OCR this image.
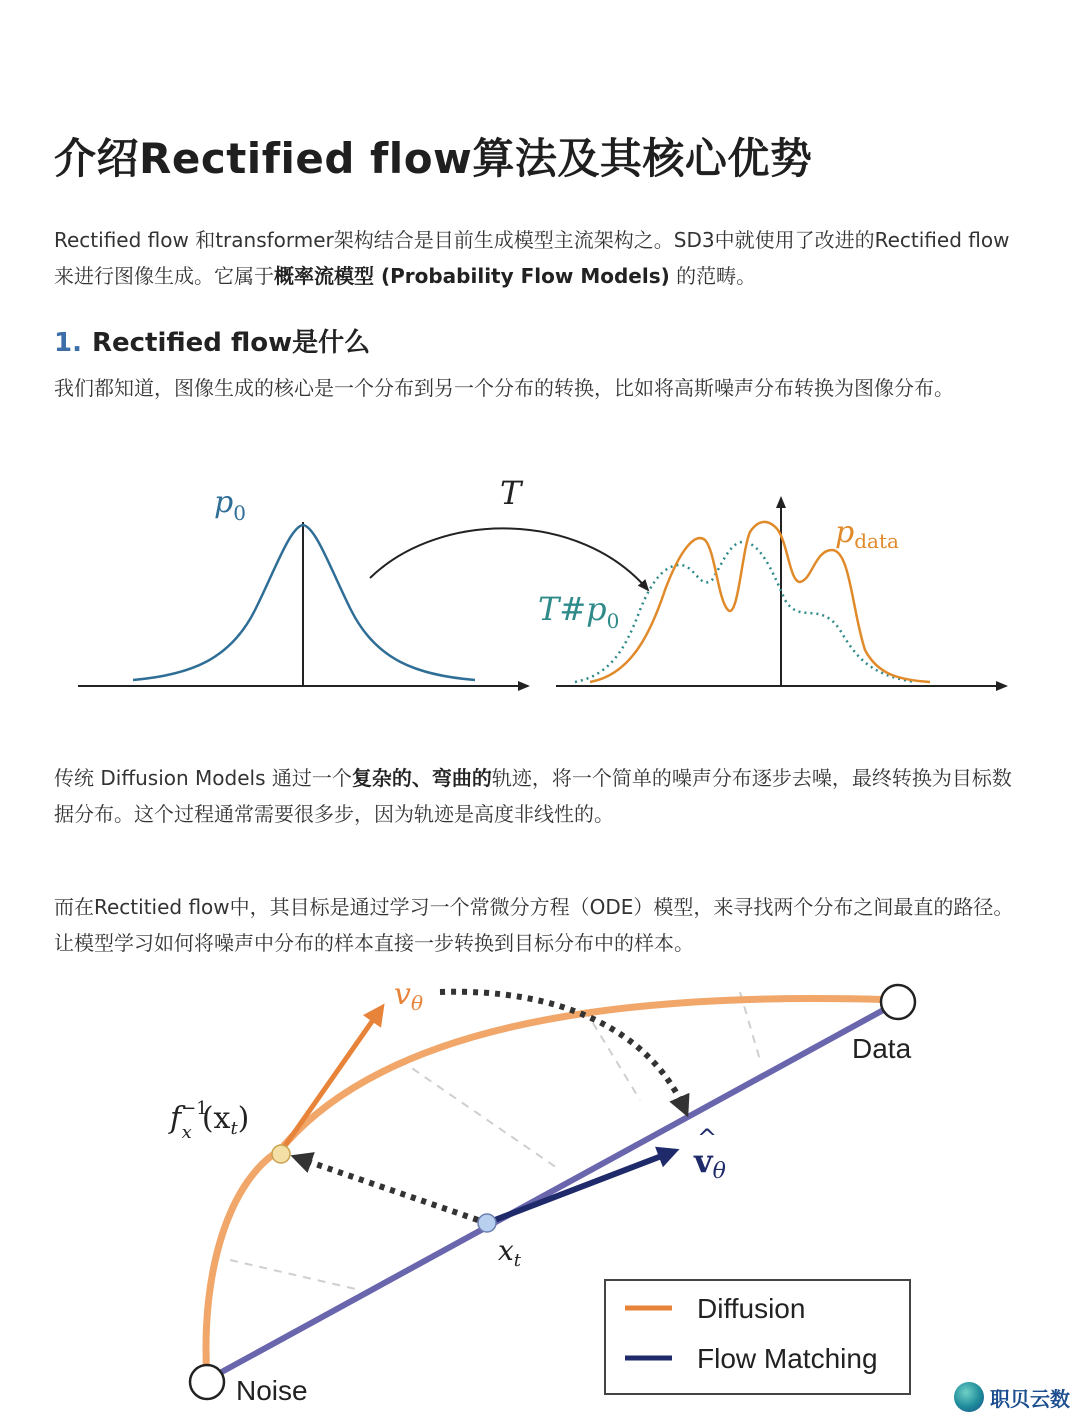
介绍Rectified flow算法及其核心优势

Rectified flow 和transformer架构结合是目前生成模型主流架构之。SD3中就使用了改进的Rectified flow来进行图像生成。它属于概率流模型 (Probability Flow Models) 的范畴。

1. Rectified flow是什么

我们都知道，图像生成的核心是一个分布到另一个分布的转换，比如将高斯噪声分布转换为图像分布。

$p_0$
T
$T\#p_0$
$p_{data}$

传统 Diffusion Models 通过一个复杂的、弯曲的轨迹，将一个简单的噪声分布逐步去噪，最终转换为目标数据分布。这个过程通常需要很多步，因为轨迹是高度非线性的。

而在Rectitied flow中，其目标是通过学习一个常微分方程（ODE）模型，来寻找两个分布之间最直的路径。让模型学习如何将噪声中分布的样本直接一步转换到目标分布中的样本。

$v_\theta$
vθ
^
$f^{-1}$ x $(x_t)$
$x_t$
Data
Noise
Diffusion
Flow Matching
职贝云数
